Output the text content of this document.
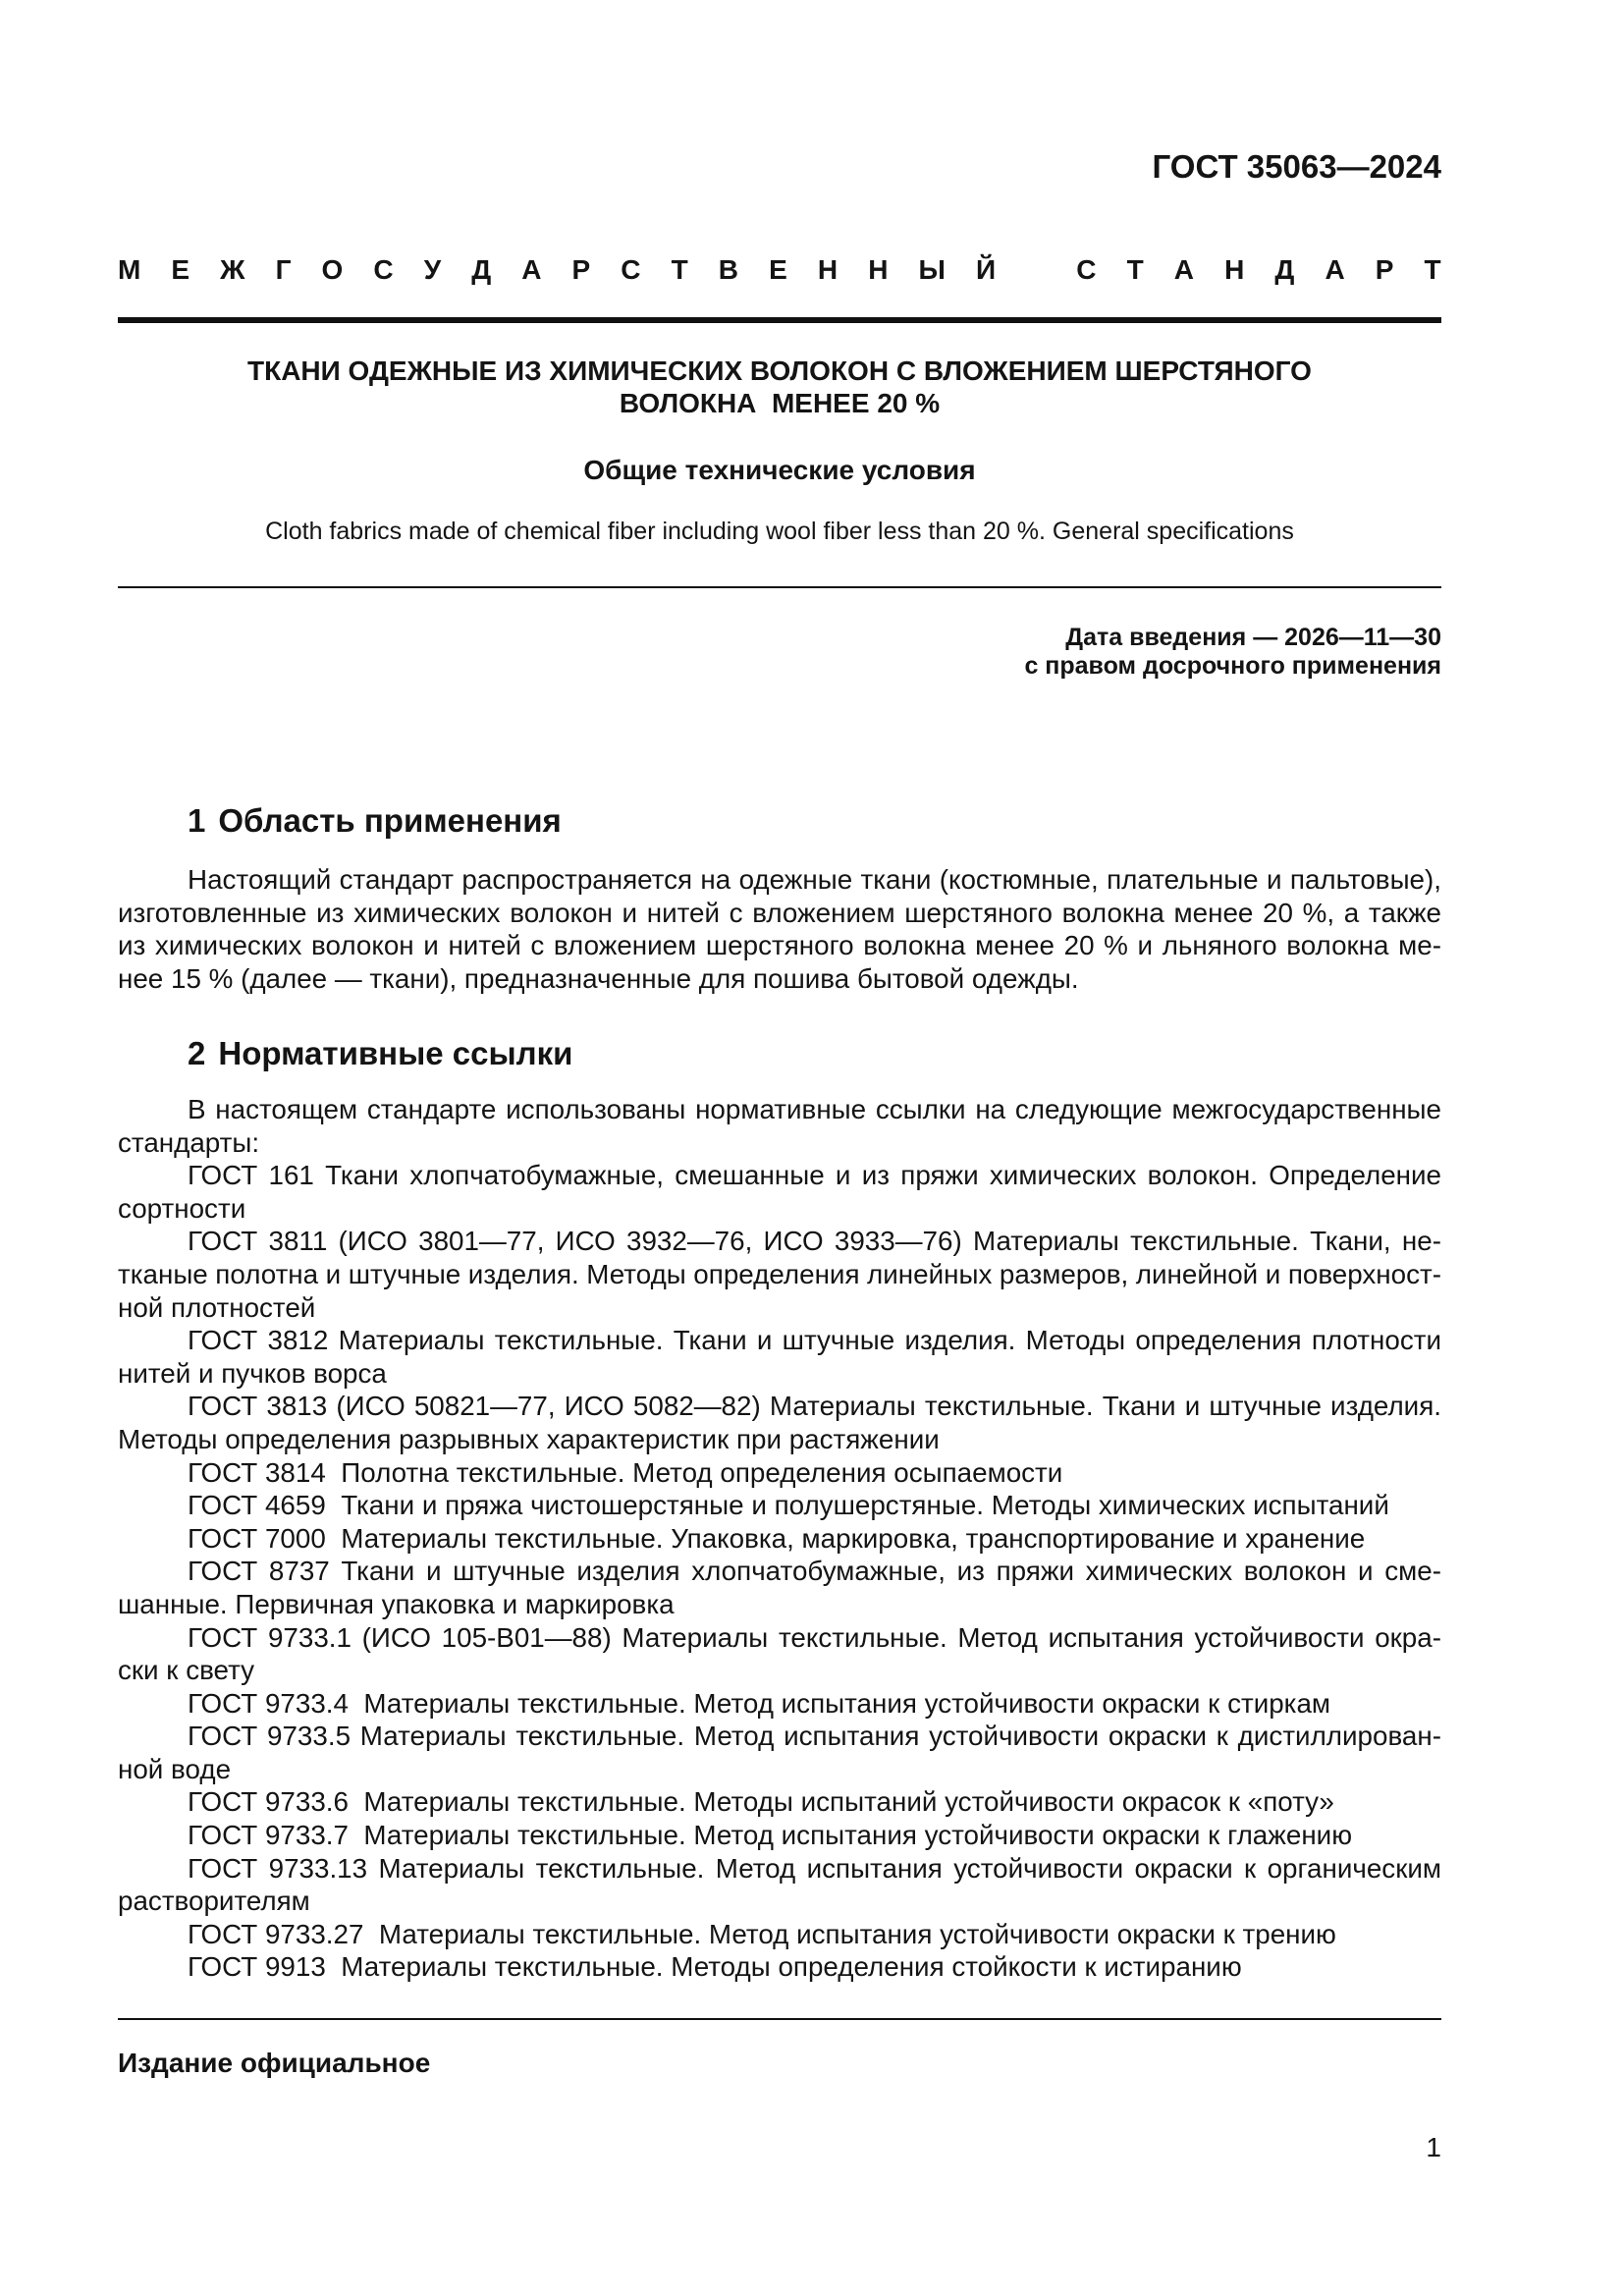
ГОСТ 35063—2024
М Е Ж Г О С У Д А Р С Т В Е Н Н Ы Й	С Т А Н Д А Р Т
ТКАНИ ОДЕЖНЫЕ ИЗ ХИМИЧЕСКИХ ВОЛОКОН С ВЛОЖЕНИЕМ ШЕРСТЯНОГО
ВОЛОКНА  МЕНЕЕ 20 %
Общие технические условия
Cloth fabrics made of chemical fiber including wool fiber less than 20 %. General specifications
Дата введения — 2026—11—30
с правом досрочного применения
1 Область применения
Настоящий стандарт распространяется на одежные ткани (костюмные, плательные и пальтовые),
изготовленные из химических волокон и нитей с вложением шерстяного волокна менее 20 %, а также
из химических волокон и нитей с вложением шерстяного волокна менее 20 % и льняного волокна ме-
нее 15 % (далее — ткани), предназначенные для пошива бытовой одежды.
2 Нормативные ссылки
В настоящем стандарте использованы нормативные ссылки на следующие межгосударственные
стандарты:
ГОСТ 161 Ткани хлопчатобумажные, смешанные и из пряжи химических волокон. Определение
сортности
ГОСТ 3811 (ИСО 3801—77, ИСО 3932—76, ИСО 3933—76) Материалы текстильные. Ткани, не-
тканые полотна и штучные изделия. Методы определения линейных размеров, линейной и поверхност-
ной плотностей
ГОСТ 3812 Материалы текстильные. Ткани и штучные изделия. Методы определения плотности
нитей и пучков ворса
ГОСТ 3813 (ИСО 50821—77, ИСО 5082—82) Материалы текстильные. Ткани и штучные изделия.
Методы определения разрывных характеристик при растяжении
ГОСТ 3814  Полотна текстильные. Метод определения осыпаемости
ГОСТ 4659  Ткани и пряжа чистошерстяные и полушерстяные. Методы химических испытаний
ГОСТ 7000  Материалы текстильные. Упаковка, маркировка, транспортирование и хранение
ГОСТ 8737 Ткани и штучные изделия хлопчатобумажные, из пряжи химических волокон и сме-
шанные. Первичная упаковка и маркировка
ГОСТ 9733.1 (ИСО 105-В01—88) Материалы текстильные. Метод испытания устойчивости окра-
ски к свету
ГОСТ 9733.4  Материалы текстильные. Метод испытания устойчивости окраски к стиркам
ГОСТ 9733.5 Материалы текстильные. Метод испытания устойчивости окраски к дистиллирован-
ной воде
ГОСТ 9733.6  Материалы текстильные. Методы испытаний устойчивости окрасок к «поту»
ГОСТ 9733.7  Материалы текстильные. Метод испытания устойчивости окраски к глажению
ГОСТ 9733.13 Материалы текстильные. Метод испытания устойчивости окраски к органическим
растворителям
ГОСТ 9733.27  Материалы текстильные. Метод испытания устойчивости окраски к трению
ГОСТ 9913  Материалы текстильные. Методы определения стойкости к истиранию
Издание официальное
1
